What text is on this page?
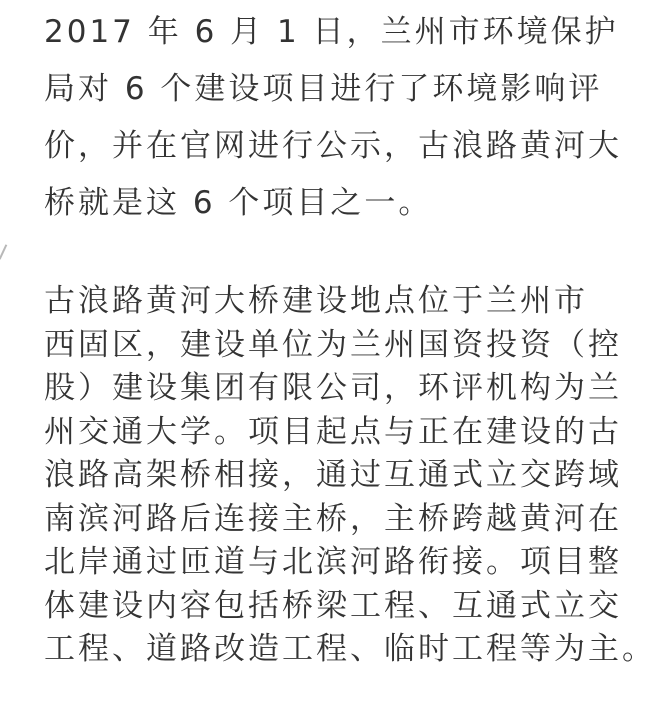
2017 年 6 月 1 日，兰州市环境保护
局对 6 个建设项目进行了环境影响评
价，并在官网进行公示，古浪路黄河大
桥就是这 6 个项目之一。
古浪路黄河大桥建设地点位于兰州市
西固区，建设单位为兰州国资投资（控
股）建设集团有限公司，环评机构为兰
州交通大学。项目起点与正在建设的古
浪路高架桥相接，通过互通式立交跨域
南滨河路后连接主桥，主桥跨越黄河在
北岸通过匝道与北滨河路衔接。项目整
体建设内容包括桥梁工程、互通式立交
工程、道路改造工程、临时工程等为主。
